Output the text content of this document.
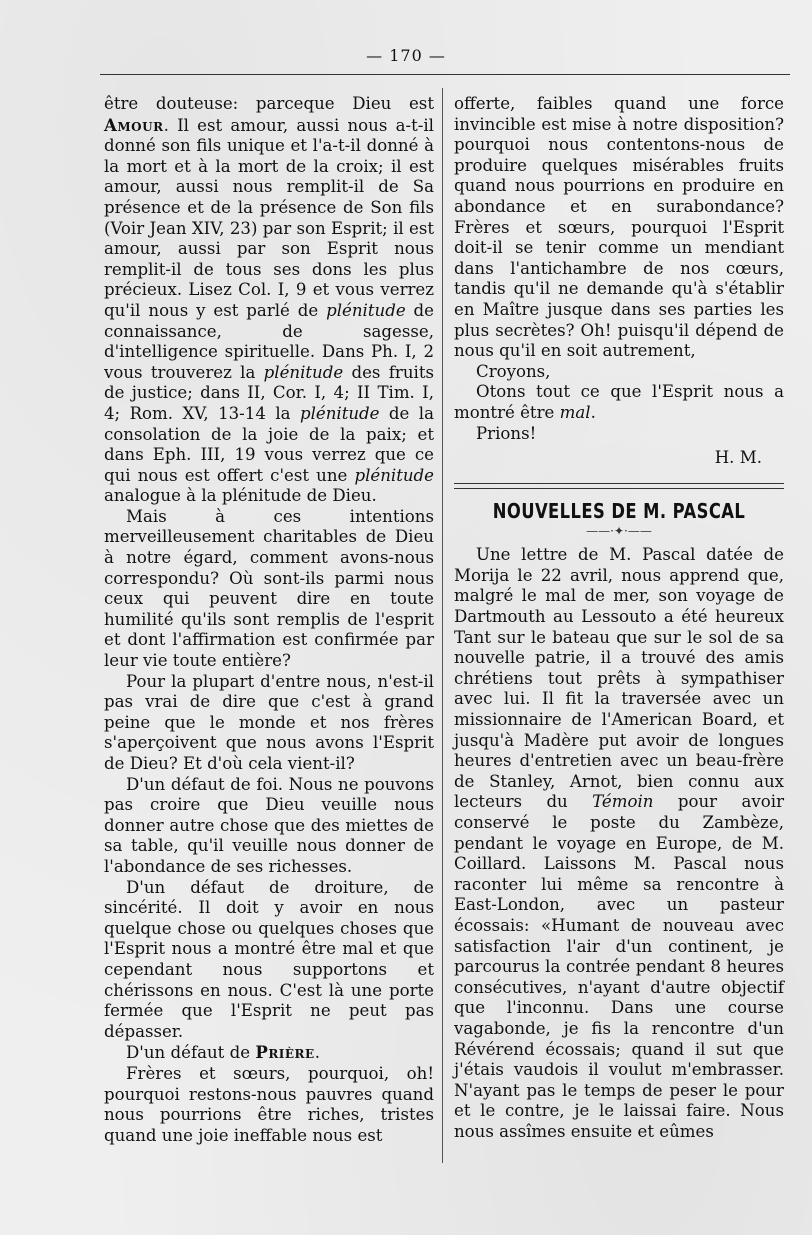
— 170 —

être douteuse: parceque Dieu est Amour. Il est amour, aussi nous a-t-il donné son fils unique et l'a-t-il donné à la mort et à la mort de la croix; il est amour, aussi nous remplit-il de Sa présence et de la présence de Son fils (Voir Jean XIV, 23) par son Esprit; il est amour, aussi par son Esprit nous remplit-il de tous ses dons les plus précieux. Lisez Col. I, 9 et vous verrez qu'il nous y est parlé de plénitude de connaissance, de sagesse, d'intelligence spirituelle. Dans Ph. I, 2 vous trouverez la plénitude des fruits de justice; dans II, Cor. I, 4; II Tim. I, 4; Rom. XV, 13-14 la plénitude de la consolation de la joie de la paix; et dans Eph. III, 19 vous verrez que ce qui nous est offert c'est une plénitude analogue à la plénitude de Dieu.

Mais à ces intentions merveilleusement charitables de Dieu à notre égard, comment avons-nous correspondu? Où sont-ils parmi nous ceux qui peuvent dire en toute humilité qu'ils sont remplis de l'esprit et dont l'affirmation est confirmée par leur vie toute entière?

Pour la plupart d'entre nous, n'est-il pas vrai de dire que c'est à grand peine que le monde et nos frères s'aperçoivent que nous avons l'Esprit de Dieu? Et d'où cela vient-il?

D'un défaut de foi. Nous ne pouvons pas croire que Dieu veuille nous donner autre chose que des miettes de sa table, qu'il veuille nous donner de l'abondance de ses richesses.

D'un défaut de droiture, de sincérité. Il doit y avoir en nous quelque chose ou quelques choses que l'Esprit nous a montré être mal et que cependant nous supportons et chérissons en nous. C'est là une porte fermée que l'Esprit ne peut pas dépasser.

D'un défaut de Prière.

Frères et sœurs, pourquoi, oh! pourquoi restons-nous pauvres quand nous pourrions être riches, tristes quand une joie ineffable nous est

offerte, faibles quand une force invincible est mise à notre disposition? pourquoi nous contentons-nous de produire quelques misérables fruits quand nous pourrions en produire en abondance et en surabondance? Frères et sœurs, pourquoi l'Esprit doit-il se tenir comme un mendiant dans l'antichambre de nos cœurs, tandis qu'il ne demande qu'à s'établir en Maître jusque dans ses parties les plus secrètes? Oh! puisqu'il dépend de nous qu'il en soit autrement,

Croyons,

Otons tout ce que l'Esprit nous a montré être mal.

Prions!

H. M.
NOUVELLES DE M. PASCAL
——·✦·——

Une lettre de M. Pascal datée de Morija le 22 avril, nous apprend que, malgré le mal de mer, son voyage de Dartmouth au Lessouto a été heureux Tant sur le bateau que sur le sol de sa nouvelle patrie, il a trouvé des amis chrétiens tout prêts à sympathiser avec lui. Il fit la traversée avec un missionnaire de l'American Board, et jusqu'à Madère put avoir de longues heures d'entretien avec un beau-frère de Stanley, Arnot, bien connu aux lecteurs du Témoin pour avoir conservé le poste du Zambèze, pendant le voyage en Europe, de M. Coillard. Laissons M. Pascal nous raconter lui même sa rencontre à East-London, avec un pasteur écossais: «Humant de nouveau avec satisfaction l'air d'un continent, je parcourus la contrée pendant 8 heures consécutives, n'ayant d'autre objectif que l'inconnu. Dans une course vagabonde, je fis la rencontre d'un Révérend écossais; quand il sut que j'étais vaudois il voulut m'embrasser. N'ayant pas le temps de peser le pour et le contre, je le laissai faire. Nous nous assîmes ensuite et eûmes
